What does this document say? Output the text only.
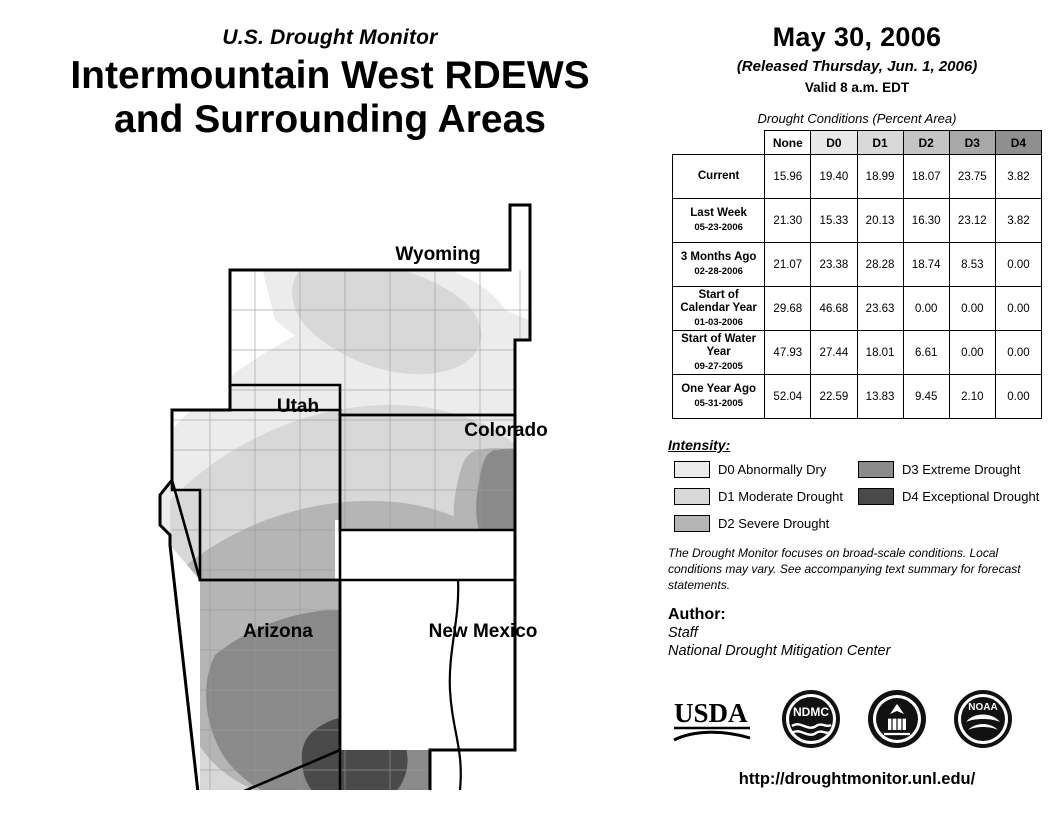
U.S. Drought Monitor
Intermountain West RDEWS
and Surrounding Areas
Wyoming
Utah
Colorado
Arizona	New Mexico
May 30, 2006
(Released Thursday, Jun. 1, 2006)
Valid 8 a.m. EDT
Drought Conditions (Percent Area)
	None	D0	D1	D2	D3	D4
Current	15.96	19.40	18.99	18.07	23.75	3.82
Last Week
05-23-2006	21.30	15.33	20.13	16.30	23.12	3.82
3 Months Ago
02-28-2006	21.07	23.38	28.28	18.74	8.53	0.00
Start of Calendar Year
01-03-2006	29.68	46.68	23.63	0.00	0.00	0.00
Start of Water Year
09-27-2005	47.93	27.44	18.01	6.61	0.00	0.00
One Year Ago
05-31-2005	52.04	22.59	13.83	9.45	2.10	0.00
Intensity:
D0 Abnormally Dry
D1 Moderate Drought
D2 Severe Drought
D3 Extreme Drought
D4 Exceptional Drought
The Drought Monitor focuses on broad-scale conditions. Local conditions may vary. See accompanying text summary for forecast statements.
Author:
Staff
National Drought Mitigation Center
USDA	NDMC	NOAA
http://droughtmonitor.unl.edu/
